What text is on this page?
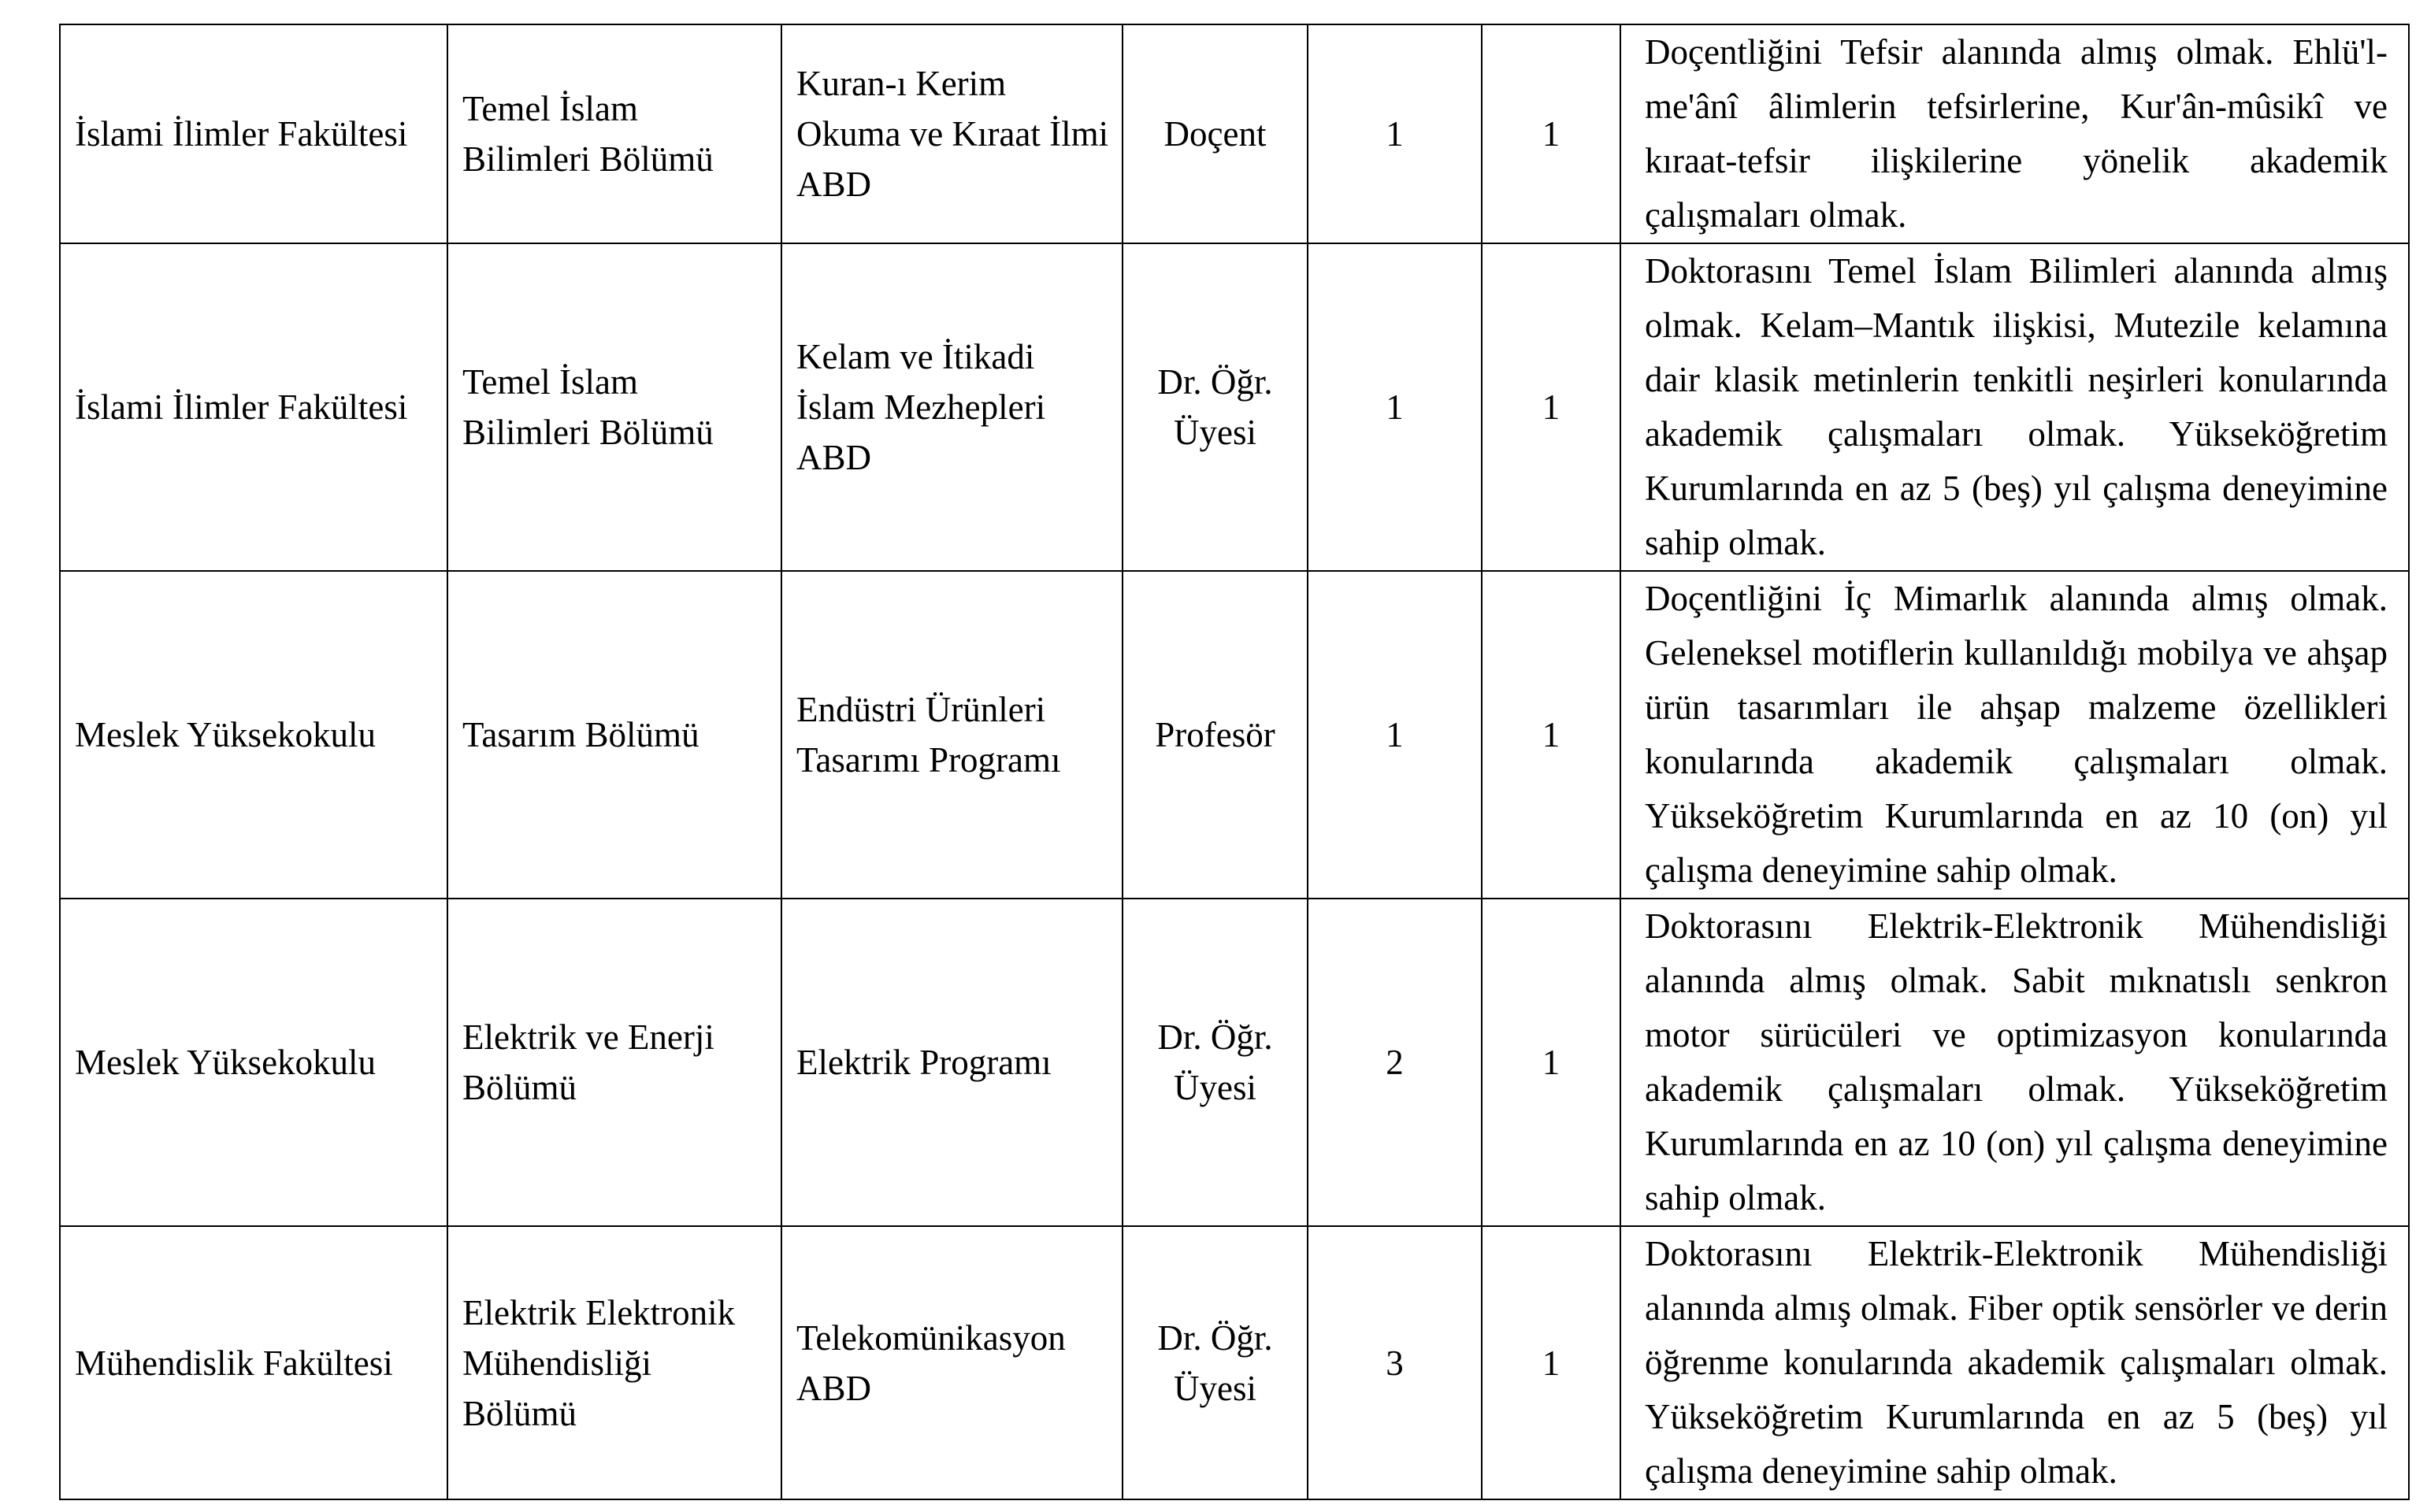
İslami İlimler Fakültesi	Temel İslam Bilimleri Bölümü	Kuran-ı Kerim Okuma ve Kıraat İlmi ABD	Doçent	1	1	Doçentliğini Tefsir alanında almış olmak. Ehlü'l-me'ânî âlimlerin tefsirlerine, Kur'ân-mûsikî ve kıraat-tefsir ilişkilerine yönelik akademik çalışmaları olmak.
İslami İlimler Fakültesi	Temel İslam Bilimleri Bölümü	Kelam ve İtikadi İslam Mezhepleri ABD	Dr. Öğr. Üyesi	1	1	Doktorasını Temel İslam Bilimleri alanında almış olmak. Kelam–Mantık ilişkisi, Mutezile kelamına dair klasik metinlerin tenkitli neşirleri konularında akademik çalışmaları olmak. Yükseköğretim Kurumlarında en az 5 (beş) yıl çalışma deneyimine sahip olmak.
Meslek Yüksekokulu	Tasarım Bölümü	Endüstri Ürünleri Tasarımı Programı	Profesör	1	1	Doçentliğini İç Mimarlık alanında almış olmak. Geleneksel motiflerin kullanıldığı mobilya ve ahşap ürün tasarımları ile ahşap malzeme özellikleri konularında akademik çalışmaları olmak. Yükseköğretim Kurumlarında en az 10 (on) yıl çalışma deneyimine sahip olmak.
Meslek Yüksekokulu	Elektrik ve Enerji Bölümü	Elektrik Programı	Dr. Öğr. Üyesi	2	1	Doktorasını Elektrik-Elektronik Mühendisliği alanında almış olmak. Sabit mıknatıslı senkron motor sürücüleri ve optimizasyon konularında akademik çalışmaları olmak. Yükseköğretim Kurumlarında en az 10 (on) yıl çalışma deneyimine sahip olmak.
Mühendislik Fakültesi	Elektrik Elektronik Mühendisliği Bölümü	Telekomünikasyon ABD	Dr. Öğr. Üyesi	3	1	Doktorasını Elektrik-Elektronik Mühendisliği alanında almış olmak. Fiber optik sensörler ve derin öğrenme konularında akademik çalışmaları olmak. Yükseköğretim Kurumlarında en az 5 (beş) yıl çalışma deneyimine sahip olmak.
